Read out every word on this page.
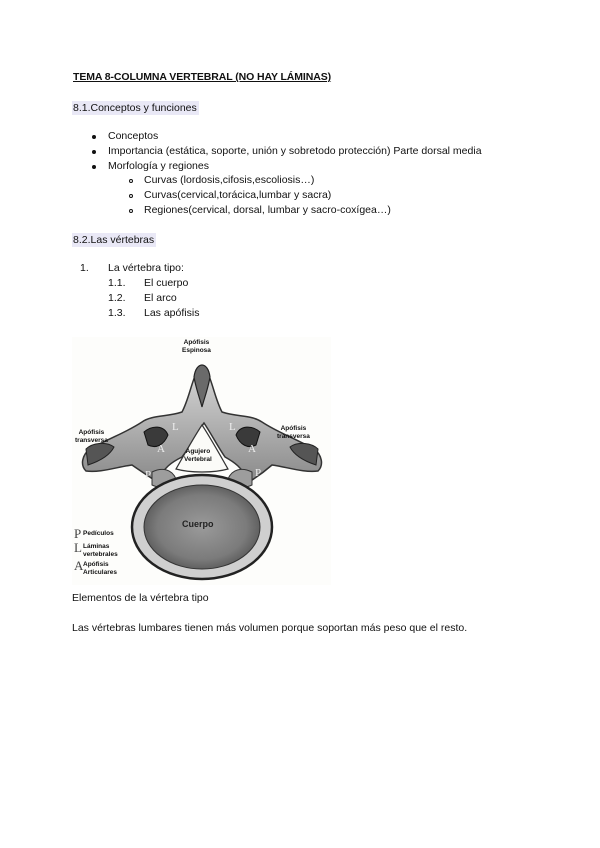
TEMA 8-COLUMNA VERTEBRAL (NO HAY LÁMINAS)
8.1.Conceptos y funciones
Conceptos
Importancia (estática, soporte, unión y sobretodo protección) Parte dorsal media
Morfología y regiones
Curvas (lordosis,cifosis,escoliosis…)
Curvas(cervical,torácica,lumbar y sacra)
Regiones(cervical, dorsal, lumbar y sacro-coxígea…)
8.2.Las vértebras
1. La vértebra tipo:
1.1. El cuerpo
1.2. El arco
1.3. Las apófisis
Apófisis
Espinosa
Apófisis
transversa
Apófisis
transversa
Agujero
Vertebral
Cuerpo
L	L
A	A
P	P
P Pedículos
L Láminas
vertebrales
A Apófisis
Articulares
Elementos de la vértebra tipo
Las vértebras lumbares tienen más volumen porque soportan más peso que el resto.
